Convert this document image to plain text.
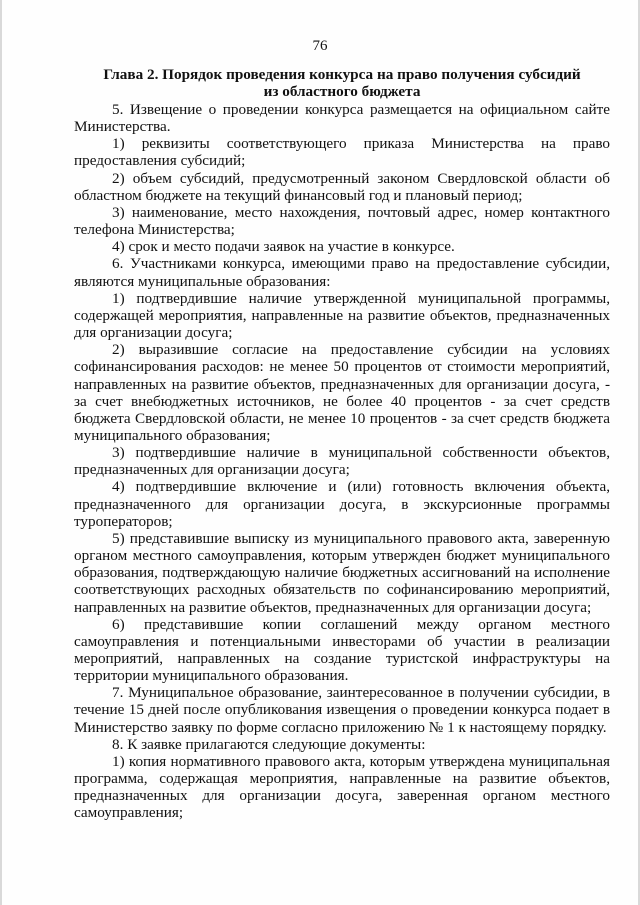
76
Глава 2. Порядок проведения конкурса на право получения субсидий
из областного бюджета

5. Извещение о проведении конкурса размещается на официальном сайте Министерства.

1) реквизиты соответствующего приказа Министерства на право предоставления субсидий;

2) объем субсидий, предусмотренный законом Свердловской области об областном бюджете на текущий финансовый год и плановый период;

3) наименование, место нахождения, почтовый адрес, номер контактного телефона Министерства;

4) срок и место подачи заявок на участие в конкурсе.

6. Участниками конкурса, имеющими право на предоставление субсидии, являются муниципальные образования:

1) подтвердившие наличие утвержденной муниципальной программы, содержащей мероприятия, направленные на развитие объектов, предназначенных для организации досуга;

2) выразившие согласие на предоставление субсидии на условиях софинансирования расходов: не менее 50 процентов от стоимости мероприятий, направленных на развитие объектов, предназначенных для организации досуга, - за счет внебюджетных источников, не более 40 процентов - за счет средств бюджета Свердловской области, не менее 10 процентов - за счет средств бюджета муниципального образования;

3) подтвердившие наличие в муниципальной собственности объектов, предназначенных для организации досуга;

4) подтвердившие включение и (или) готовность включения объекта, предназначенного для организации досуга, в экскурсионные программы туроператоров;

5) представившие выписку из муниципального правового акта, заверенную органом местного самоуправления, которым утвержден бюджет муниципального образования, подтверждающую наличие бюджетных ассигнований на исполнение соответствующих расходных обязательств по софинансированию мероприятий, направленных на развитие объектов, предназначенных для организации досуга;

6) представившие копии соглашений между органом местного самоуправления и потенциальными инвесторами об участии в реализации мероприятий, направленных на создание туристской инфраструктуры на территории муниципального образования.

7. Муниципальное образование, заинтересованное в получении субсидии, в течение 15 дней после опубликования извещения о проведении конкурса подает в Министерство заявку по форме согласно приложению № 1 к настоящему порядку.

8. К заявке прилагаются следующие документы:

1) копия нормативного правового акта, которым утверждена муниципальная программа, содержащая мероприятия, направленные на развитие объектов, предназначенных для организации досуга, заверенная органом местного самоуправления;
